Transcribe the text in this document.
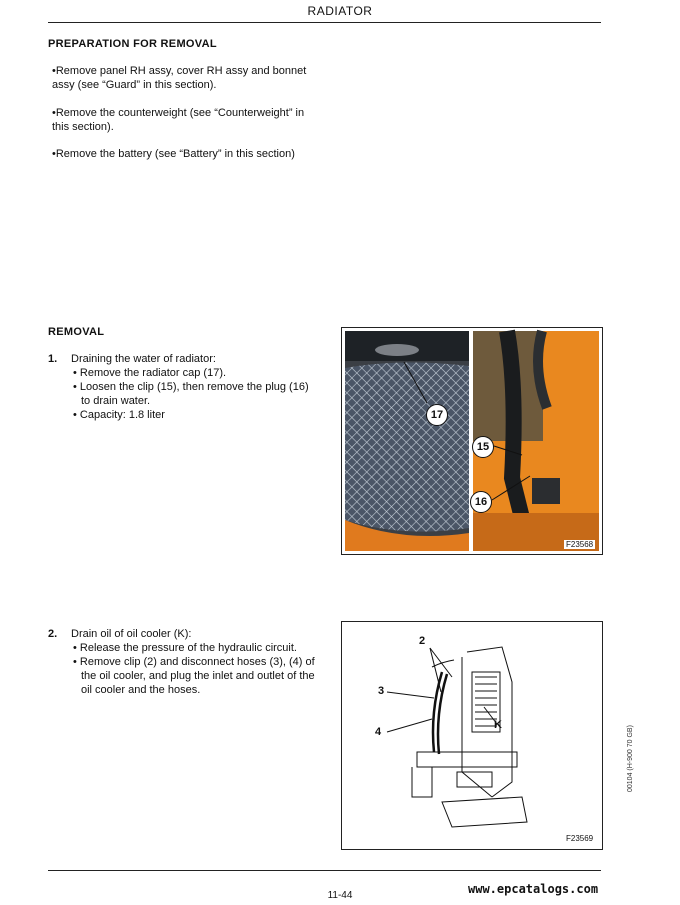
RADIATOR
PREPARATION FOR REMOVAL
•Remove panel RH assy, cover RH assy and bonnet assy (see “Guard” in this section).
•Remove the counterweight (see “Counterweight” in this section).
•Remove the battery (see “Battery” in this section)
REMOVAL
1. Draining the water of radiator:
• Remove the radiator cap (17).
• Loosen the clip (15), then remove the plug (16) to drain water.
• Capacity: 1.8 liter
2. Drain oil of oil cooler (K):
• Release the pressure of the hydraulic circuit.
• Remove clip (2) and disconnect hoses (3), (4) of the oil cooler, and plug the inlet and outlet of the oil cooler and the hoses.
17
15
16
F23568
2
3
4
K
F23569
00104 (H-900 70 GB)
11-44	www.epcatalogs.com
